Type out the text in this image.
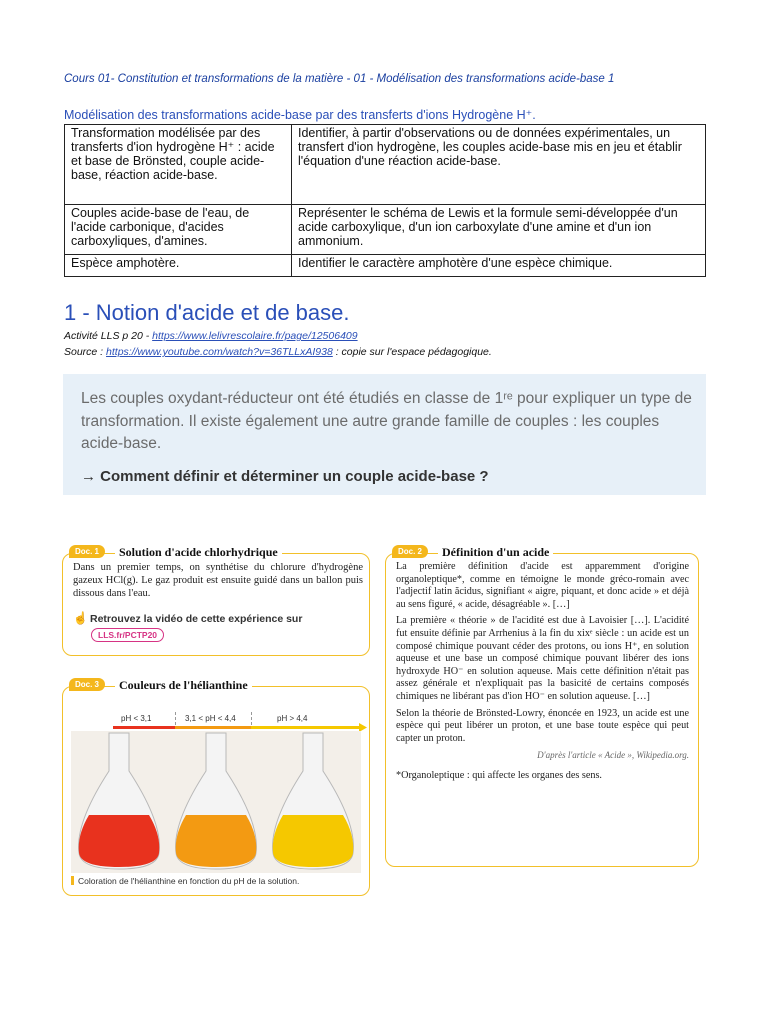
Cours 01- Constitution et transformations de la matière - 01 - Modélisation des transformations acide-base 1
Modélisation des transformations acide-base par des transferts d'ions Hydrogène H⁺.
Transformation modélisée par des transferts d'ion hydrogène H⁺ : acide et base de Brönsted, couple acide-base, réaction acide-base.	Identifier, à partir d'observations ou de données expérimentales, un transfert d'ion hydrogène, les couples acide-base mis en jeu et établir l'équation d'une réaction acide-base.
Couples acide-base de l'eau, de l'acide carbonique, d'acides carboxyliques, d'amines.	Représenter le schéma de Lewis et la formule semi-développée d'un acide carboxylique, d'un ion carboxylate d'une amine et d'un ion ammonium.
Espèce amphotère.	Identifier le caractère amphotère d'une espèce chimique.
1 - Notion d'acide et de base.
Activité LLS p 20 - https://www.lelivrescolaire.fr/page/12506409
Source : https://www.youtube.com/watch?v=36TLLxAI938 : copie sur l'espace pédagogique.
Les couples oxydant-réducteur ont été étudiés en classe de 1ʳᵉ pour expliquer un type de transformation. Il existe également une autre grande famille de couples : les couples acide-base.
→ Comment définir et déterminer un couple acide-base ?
Doc. 1	Solution d'acide chlorhydrique
Dans un premier temps, on synthétise du chlorure d'hydrogène gazeux HCl(g). Le gaz produit est ensuite guidé dans un ballon puis dissous dans l'eau.
☝ Retrouvez la vidéo de cette expérience sur
LLS.fr/PCTP20
Doc. 2	Définition d'un acide

La première définition d'acide est apparemment d'origine organoleptique*, comme en témoigne le monde gréco-romain avec l'adjectif latin ăcidus, signifiant « aigre, piquant, et donc acide » et déjà au sens figuré, « acide, désagréable ». […]

La première « théorie » de l'acidité est due à Lavoisier […]. L'acidité fut ensuite définie par Arrhenius à la fin du xixᵉ siècle : un acide est un composé chimique pouvant céder des protons, ou ions H⁺, en solution aqueuse et une base un composé chimique pouvant libérer des ions hydroxyde HO⁻ en solution aqueuse. Mais cette définition n'était pas assez générale et n'expliquait pas la basicité de certains composés chimiques ne libérant pas d'ion HO⁻ en solution aqueuse. […]

Selon la théorie de Brönsted-Lowry, énoncée en 1923, un acide est une espèce qui peut libérer un proton, et une base toute espèce qui peut capter un proton.

D'après l'article « Acide », Wikipedia.org.

*Organoleptique : qui affecte les organes des sens.

Doc. 3	Couleurs de l'hélianthine
pH < 3,1	3,1 < pH < 4,4	pH > 4,4
Coloration de l'hélianthine en fonction du pH de la solution.
